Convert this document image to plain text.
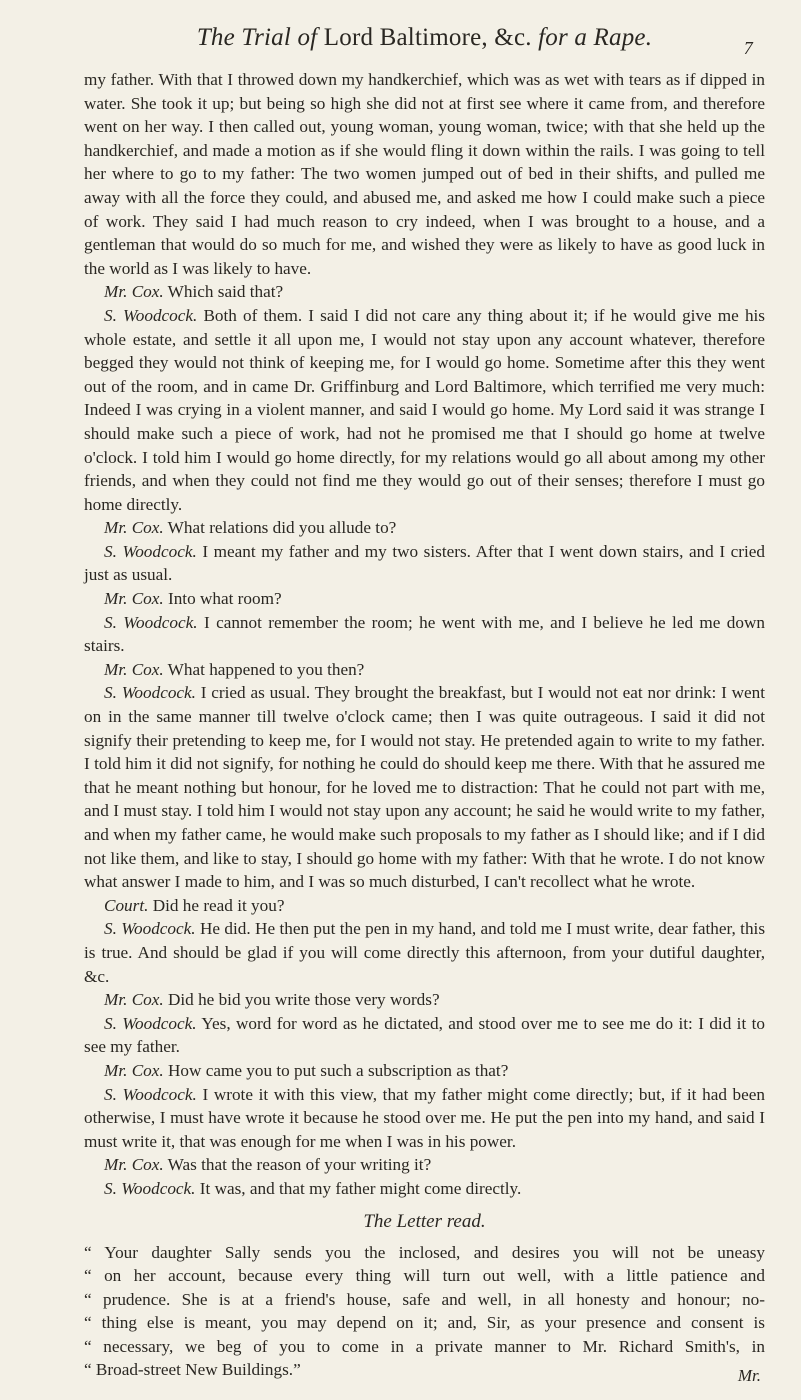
The Trial of Lord Baltimore, &c. for a Rape.	7

my father. With that I throwed down my handkerchief, which was as wet with tears as if dipped in water. She took it up; but being so high she did not at first see where it came from, and therefore went on her way. I then called out, young woman, young woman, twice; with that she held up the handkerchief, and made a motion as if she would fling it down within the rails. I was going to tell her where to go to my father: The two women jumped out of bed in their shifts, and pulled me away with all the force they could, and abused me, and asked me how I could make such a piece of work. They said I had much reason to cry indeed, when I was brought to a house, and a gentleman that would do so much for me, and wished they were as likely to have as good luck in the world as I was likely to have.

Mr. Cox. Which said that?

S. Woodcock. Both of them. I said I did not care any thing about it; if he would give me his whole estate, and settle it all upon me, I would not stay upon any account whatever, therefore begged they would not think of keeping me, for I would go home. Sometime after this they went out of the room, and in came Dr. Griffinburg and Lord Baltimore, which terrified me very much: Indeed I was crying in a violent manner, and said I would go home. My Lord said it was strange I should make such a piece of work, had not he promised me that I should go home at twelve o'clock. I told him I would go home directly, for my relations would go all about among my other friends, and when they could not find me they would go out of their senses; therefore I must go home directly.

Mr. Cox. What relations did you allude to?

S. Woodcock. I meant my father and my two sisters. After that I went down stairs, and I cried just as usual.

Mr. Cox. Into what room?

S. Woodcock. I cannot remember the room; he went with me, and I believe he led me down stairs.

Mr. Cox. What happened to you then?

S. Woodcock. I cried as usual. They brought the breakfast, but I would not eat nor drink: I went on in the same manner till twelve o'clock came; then I was quite outrageous. I said it did not signify their pretending to keep me, for I would not stay. He pretended again to write to my father. I told him it did not signify, for nothing he could do should keep me there. With that he assured me that he meant nothing but honour, for he loved me to distraction: That he could not part with me, and I must stay. I told him I would not stay upon any account; he said he would write to my father, and when my father came, he would make such proposals to my father as I should like; and if I did not like them, and like to stay, I should go home with my father: With that he wrote. I do not know what answer I made to him, and I was so much disturbed, I can't recollect what he wrote.

Court. Did he read it you?

S. Woodcock. He did. He then put the pen in my hand, and told me I must write, dear father, this is true. And should be glad if you will come directly this afternoon, from your dutiful daughter, &c.

Mr. Cox. Did he bid you write those very words?

S. Woodcock. Yes, word for word as he dictated, and stood over me to see me do it: I did it to see my father.

Mr. Cox. How came you to put such a subscription as that?

S. Woodcock. I wrote it with this view, that my father might come directly; but, if it had been otherwise, I must have wrote it because he stood over me. He put the pen into my hand, and said I must write it, that was enough for me when I was in his power.

Mr. Cox. Was that the reason of your writing it?

S. Woodcock. It was, and that my father might come directly.

The Letter read.
“ Your daughter Sally sends you the inclosed, and desires you will not be uneasy
“ on her account, because every thing will turn out well, with a little patience and
“ prudence. She is at a friend's house, safe and well, in all honesty and honour; no-
“ thing else is meant, you may depend on it; and, Sir, as your presence and consent is
“ necessary, we beg of you to come in a private manner to Mr. Richard Smith's, in
“ Broad-street New Buildings.”	Mr.
